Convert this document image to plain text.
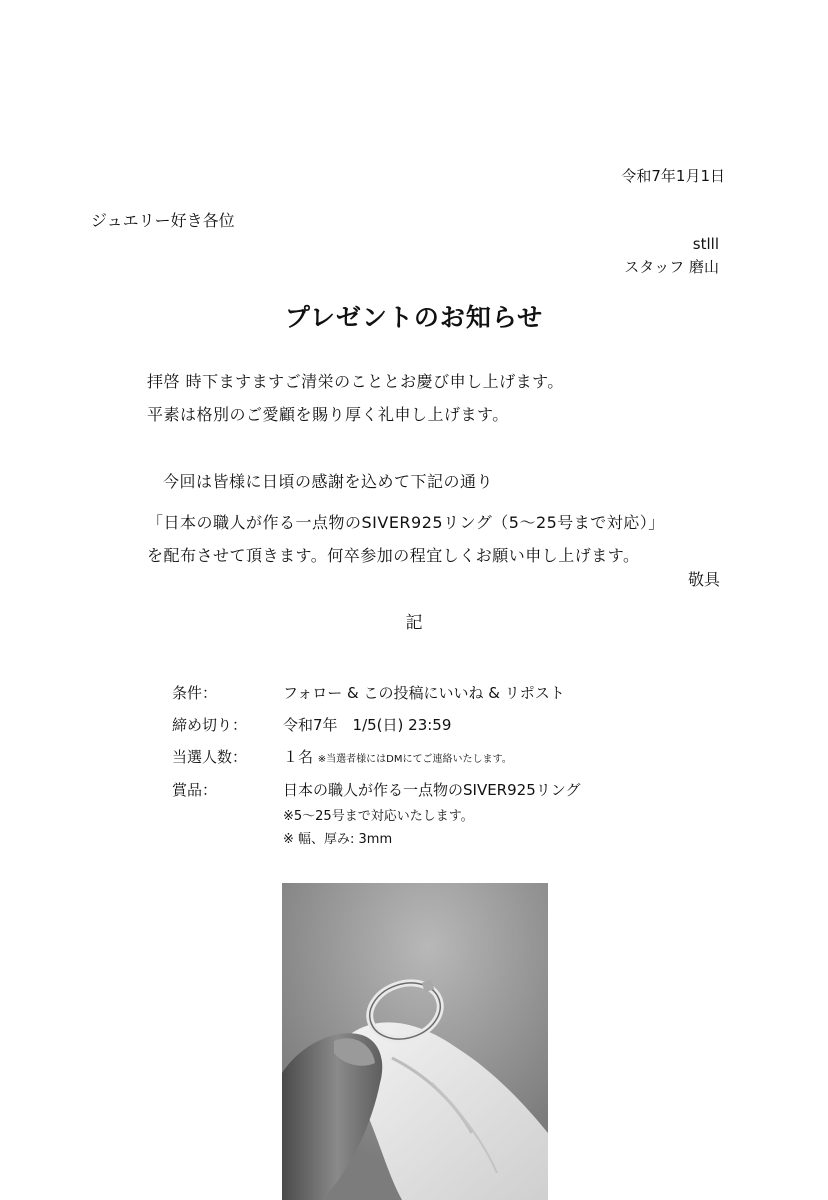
令和7年1月1日
ジュエリー好き各位
stlll
スタッフ 磨山
プレゼントのお知らせ
拝啓 時下ますますご清栄のこととお慶び申し上げます。
平素は格別のご愛顧を賜り厚く礼申し上げます。
今回は皆様に日頃の感謝を込めて下記の通り
「日本の職人が作る一点物のSIVER925リング（5〜25号まで対応）」
を配布させて頂きます。何卒参加の程宜しくお願い申し上げます。
敬具
記
条件：	フォロー & この投稿にいいね & リポスト
締め切り： 令和7年　1/5(日) 23:59
当選人数： １名 ※当選者様にはDMにてご連絡いたします。
賞品：	日本の職人が作る一点物のSIVER925リング
※5〜25号まで対応いたします。
※ 幅、厚み: 3mm
